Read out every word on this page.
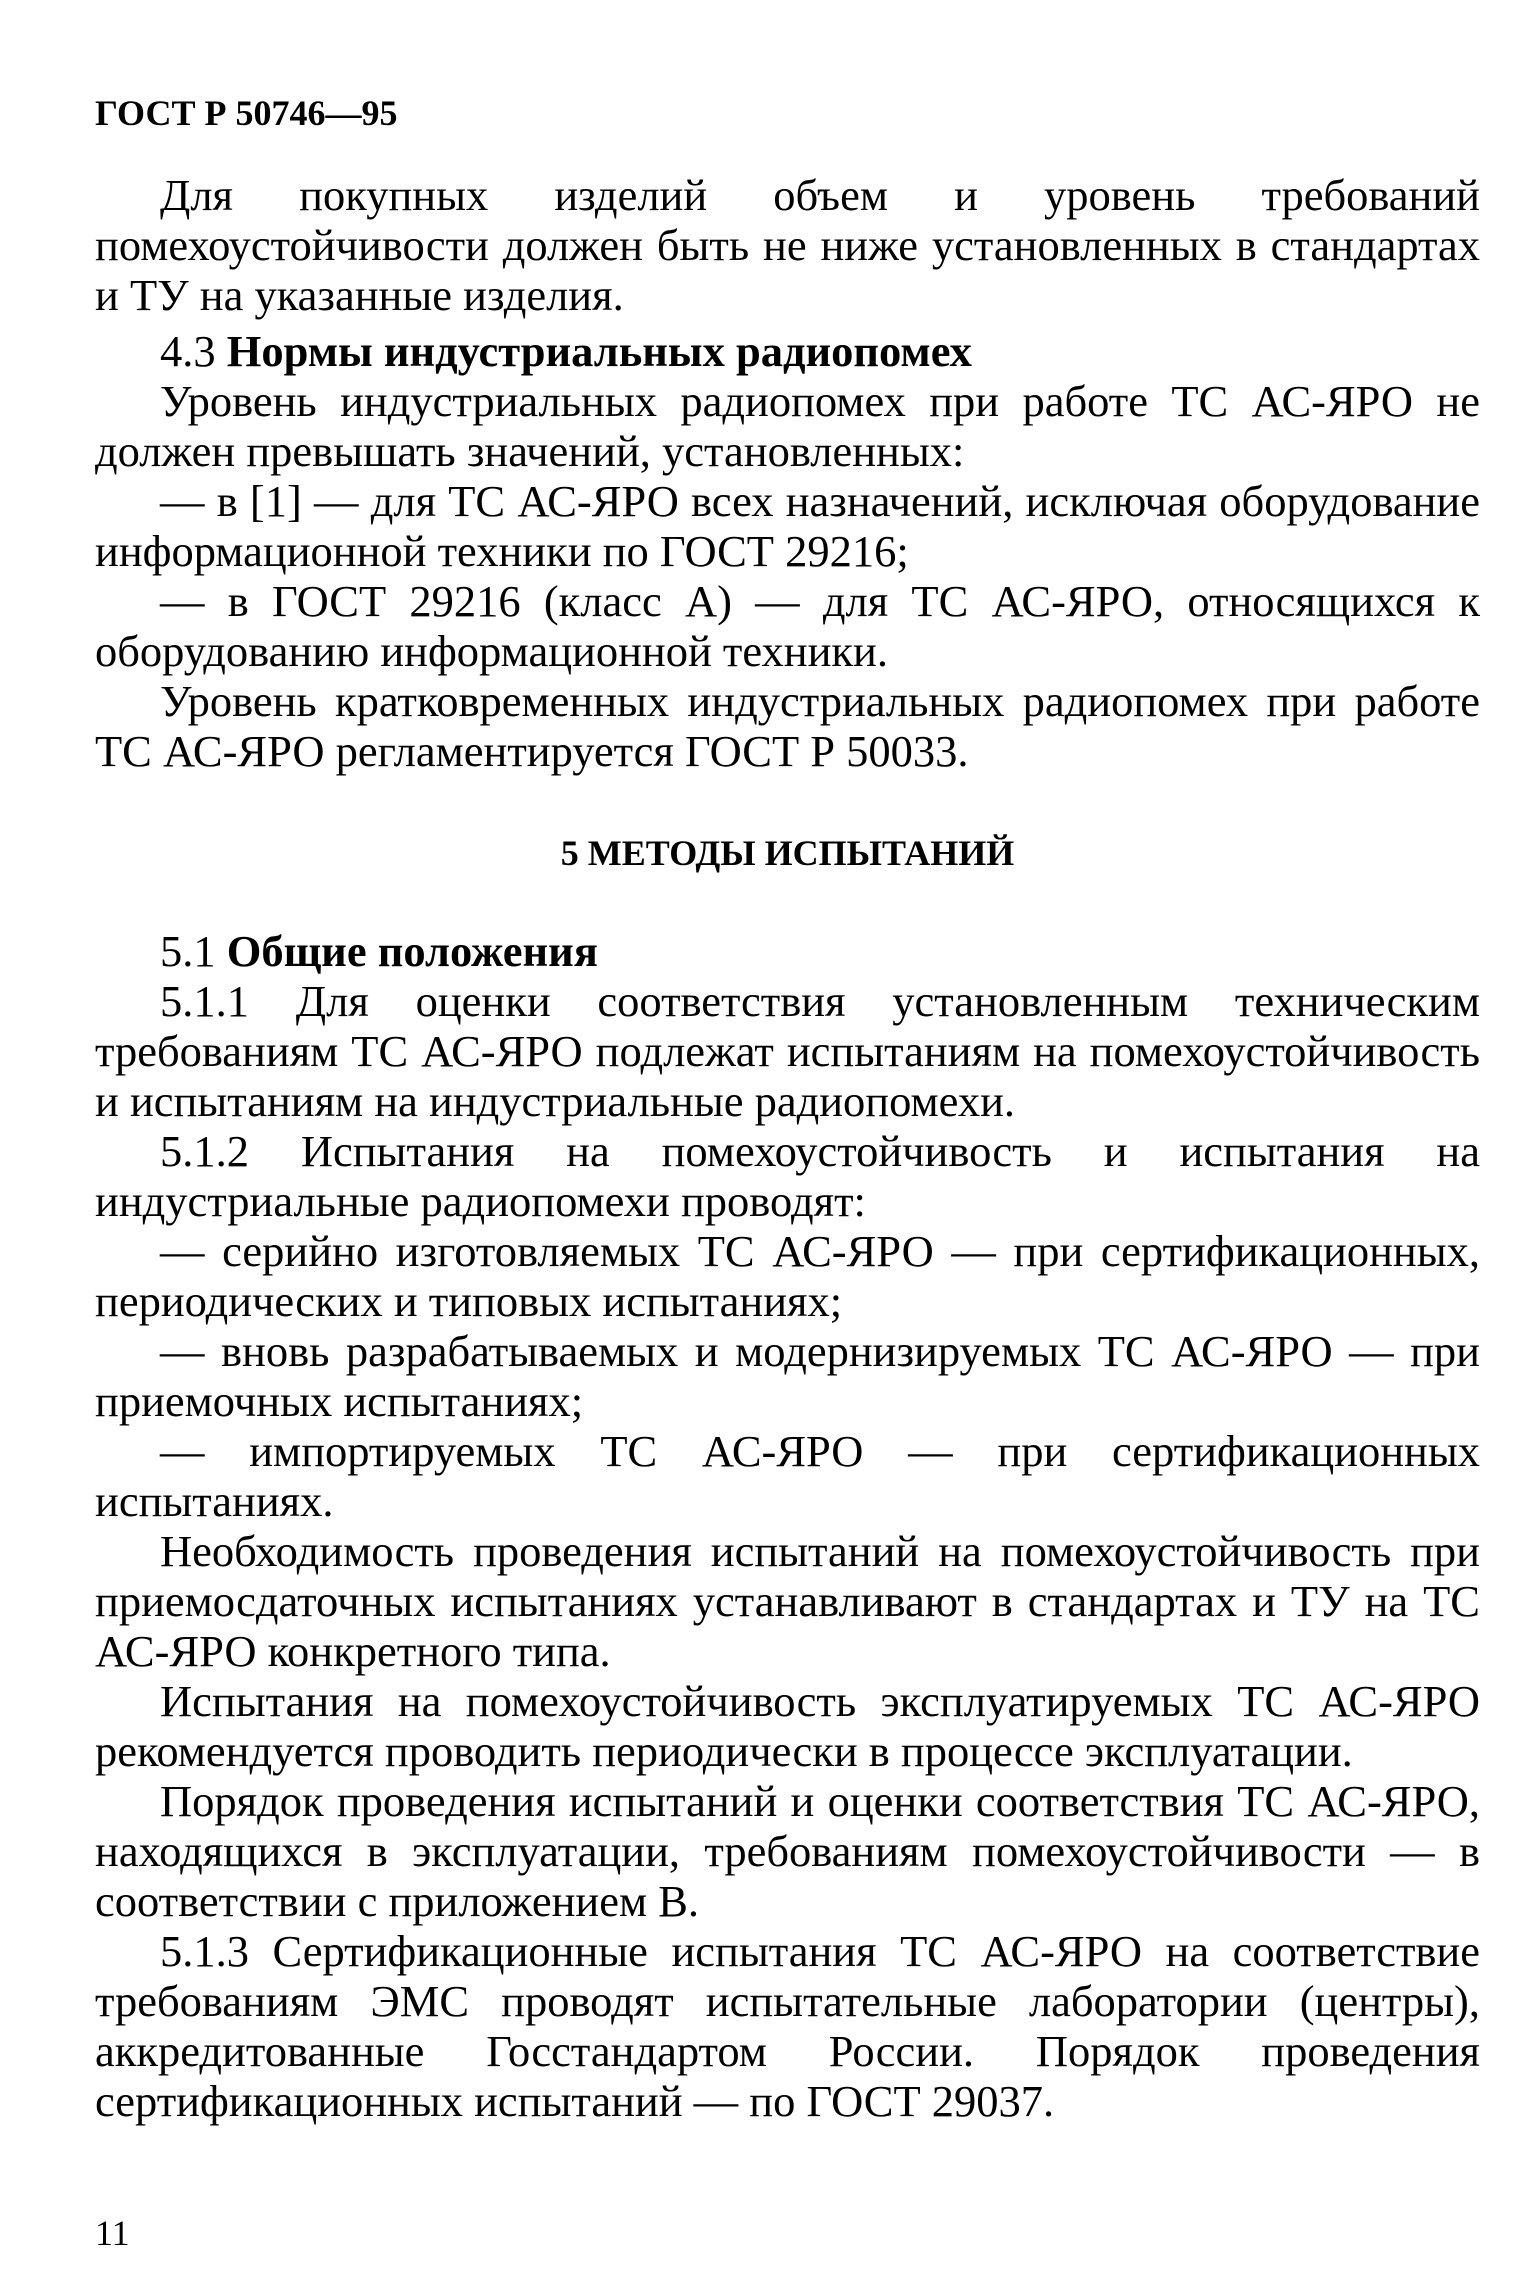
ГОСТ Р 50746—95

Для покупных изделий объем и уровень требований помехоустойчивости должен быть не ниже установленных в стандартах и ТУ на указанные изделия.

4.3 Нормы индустриальных радиопомех

Уровень индустриальных радиопомех при работе ТС АС-ЯРО не должен превышать значений, установленных:

— в [1] — для ТС АС-ЯРО всех назначений, исключая оборудование информационной техники по ГОСТ 29216;

— в ГОСТ 29216 (класс А) — для ТС АС-ЯРО, относящихся к оборудованию информационной техники.

Уровень кратковременных индустриальных радиопомех при работе ТС АС-ЯРО регламентируется ГОСТ Р 50033.

5 МЕТОДЫ ИСПЫТАНИЙ

5.1 Общие положения

5.1.1 Для оценки соответствия установленным техническим требованиям ТС АС-ЯРО подлежат испытаниям на помехоустойчивость и испытаниям на индустриальные радиопомехи.

5.1.2 Испытания на помехоустойчивость и испытания на индустриальные радиопомехи проводят:

— серийно изготовляемых ТС АС-ЯРО — при сертификационных, периодических и типовых испытаниях;

— вновь разрабатываемых и модернизируемых ТС АС-ЯРО — при приемочных испытаниях;

— импортируемых ТС АС-ЯРО — при сертификационных испытаниях.

Необходимость проведения испытаний на помехоустойчивость при приемосдаточных испытаниях устанавливают в стандартах и ТУ на ТС АС-ЯРО конкретного типа.

Испытания на помехоустойчивость эксплуатируемых ТС АС-ЯРО рекомендуется проводить периодически в процессе эксплуатации.

Порядок проведения испытаний и оценки соответствия ТС АС-ЯРО, находящихся в эксплуатации, требованиям помехоустойчивости — в соответствии с приложением В.

5.1.3 Сертификационные испытания ТС АС-ЯРО на соответствие требованиям ЭМС проводят испытательные лаборатории (центры), аккредитованные Госстандартом России. Порядок проведения сертификационных испытаний — по ГОСТ 29037.

11
